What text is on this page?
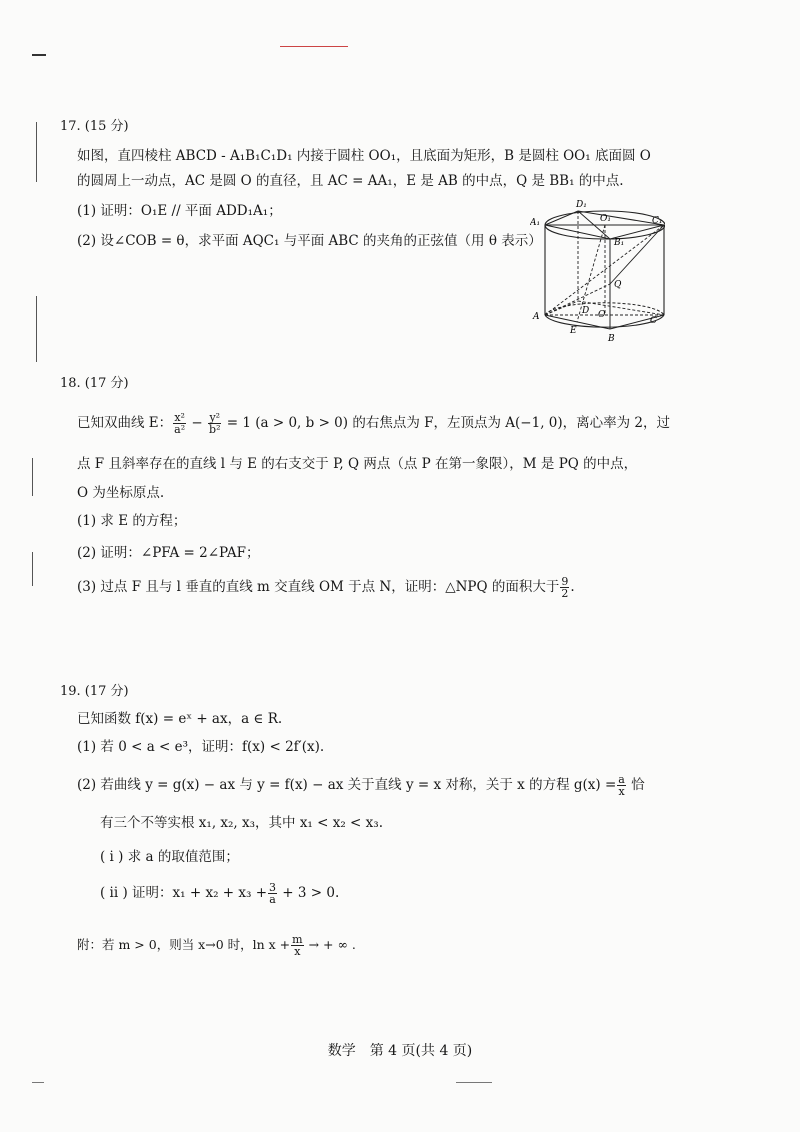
17. (15 分)
如图，直四棱柱 ABCD - A₁B₁C₁D₁ 内接于圆柱 OO₁，且底面为矩形，B 是圆柱 OO₁ 底面圆 O
的圆周上一动点，AC 是圆 O 的直径，且 AC = AA₁，E 是 AB 的中点，Q 是 BB₁ 的中点.
(1) 证明：O₁E // 平面 ADD₁A₁；
(2) 设∠COB = θ，求平面 AQC₁ 与平面 ABC 的夹角的正弦值（用 θ 表示）
D₁
O₁	C₁
A₁
B₁
Q
A	O
C
E
B
D
18. (17 分)
已知双曲线 E： $\frac{\text{x²}}{\text{a²}} - \frac{\text{y²}}{\text{b²}} = 1$ (a > 0, b > 0) 的右焦点为 F，左顶点为 A(−1, 0)，离心率为 2，过
点 F 且斜率存在的直线 l 与 E 的右支交于 P, Q 两点（点 P 在第一象限），M 是 PQ 的中点，
O 为坐标原点.
(1) 求 E 的方程；
(2) 证明：∠PFA = 2∠PAF；
(3) 过点 F 且与 l 垂直的直线 m 交直线 OM 于点 N，证明：△NPQ 的面积大于 $\frac{9}{2}$ .
19. (17 分)
已知函数 f(x) = eˣ + ax，a ∈ R.
(1) 若 0 < a < e³，证明：f(x) < 2f′(x).
(2) 若曲线 y = g(x) − ax 与 y = f(x) − ax 关于直线 y = x 对称，关于 x 的方程 $g(x) = \frac{a}{x}$ 恰
有三个不等实根 x₁, x₂, x₃，其中 x₁ < x₂ < x₃.
( i ) 求 a 的取值范围；
( ii ) 证明：$x_1 + x_2 + x_3 + \frac{3}{a} + 3 > 0$.
附：若 m > 0，则当 x→0 时，$\ln x + \frac{m}{x}$ → + ∞ .
数学　第 4 页(共 4 页)
